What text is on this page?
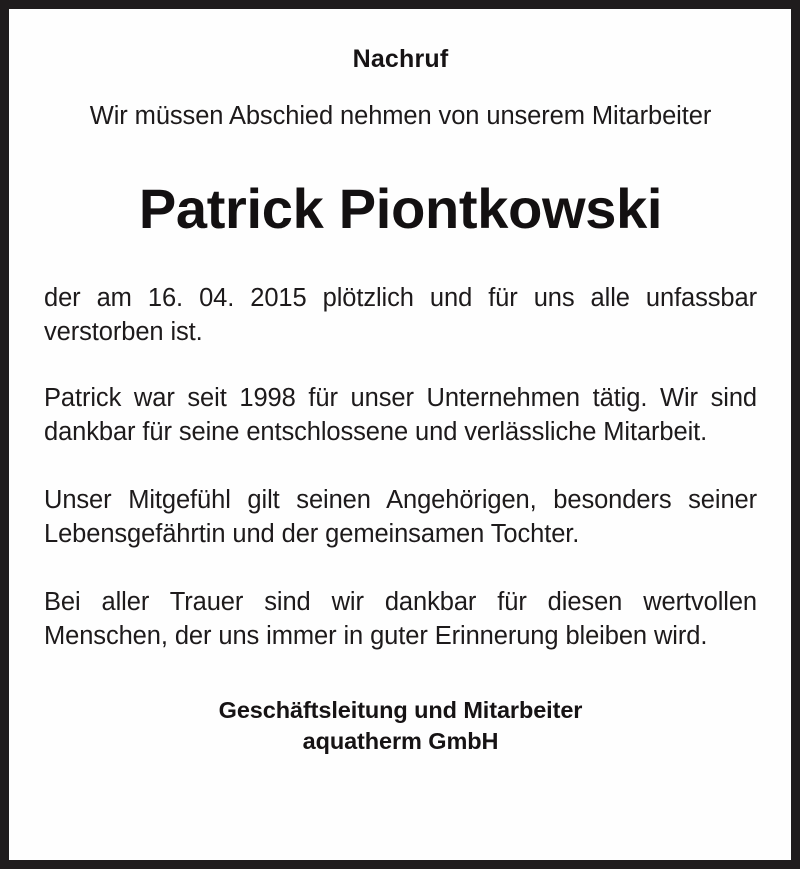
Nachruf
Wir müssen Abschied nehmen von unserem Mitarbeiter
Patrick Piontkowski

der am 16. 04. 2015 plötzlich und für uns alle unfassbar verstorben ist.

Patrick war seit 1998 für unser Unternehmen tätig. Wir sind dankbar für seine entschlossene und verlässliche Mitarbeit.

Unser Mitgefühl gilt seinen Angehörigen, besonders seiner Lebensgefährtin und der gemeinsamen Tochter.

Bei aller Trauer sind wir dankbar für diesen wertvollen Menschen, der uns immer in guter Erinnerung bleiben wird.

Geschäftsleitung und Mitarbeiter
aquatherm GmbH
